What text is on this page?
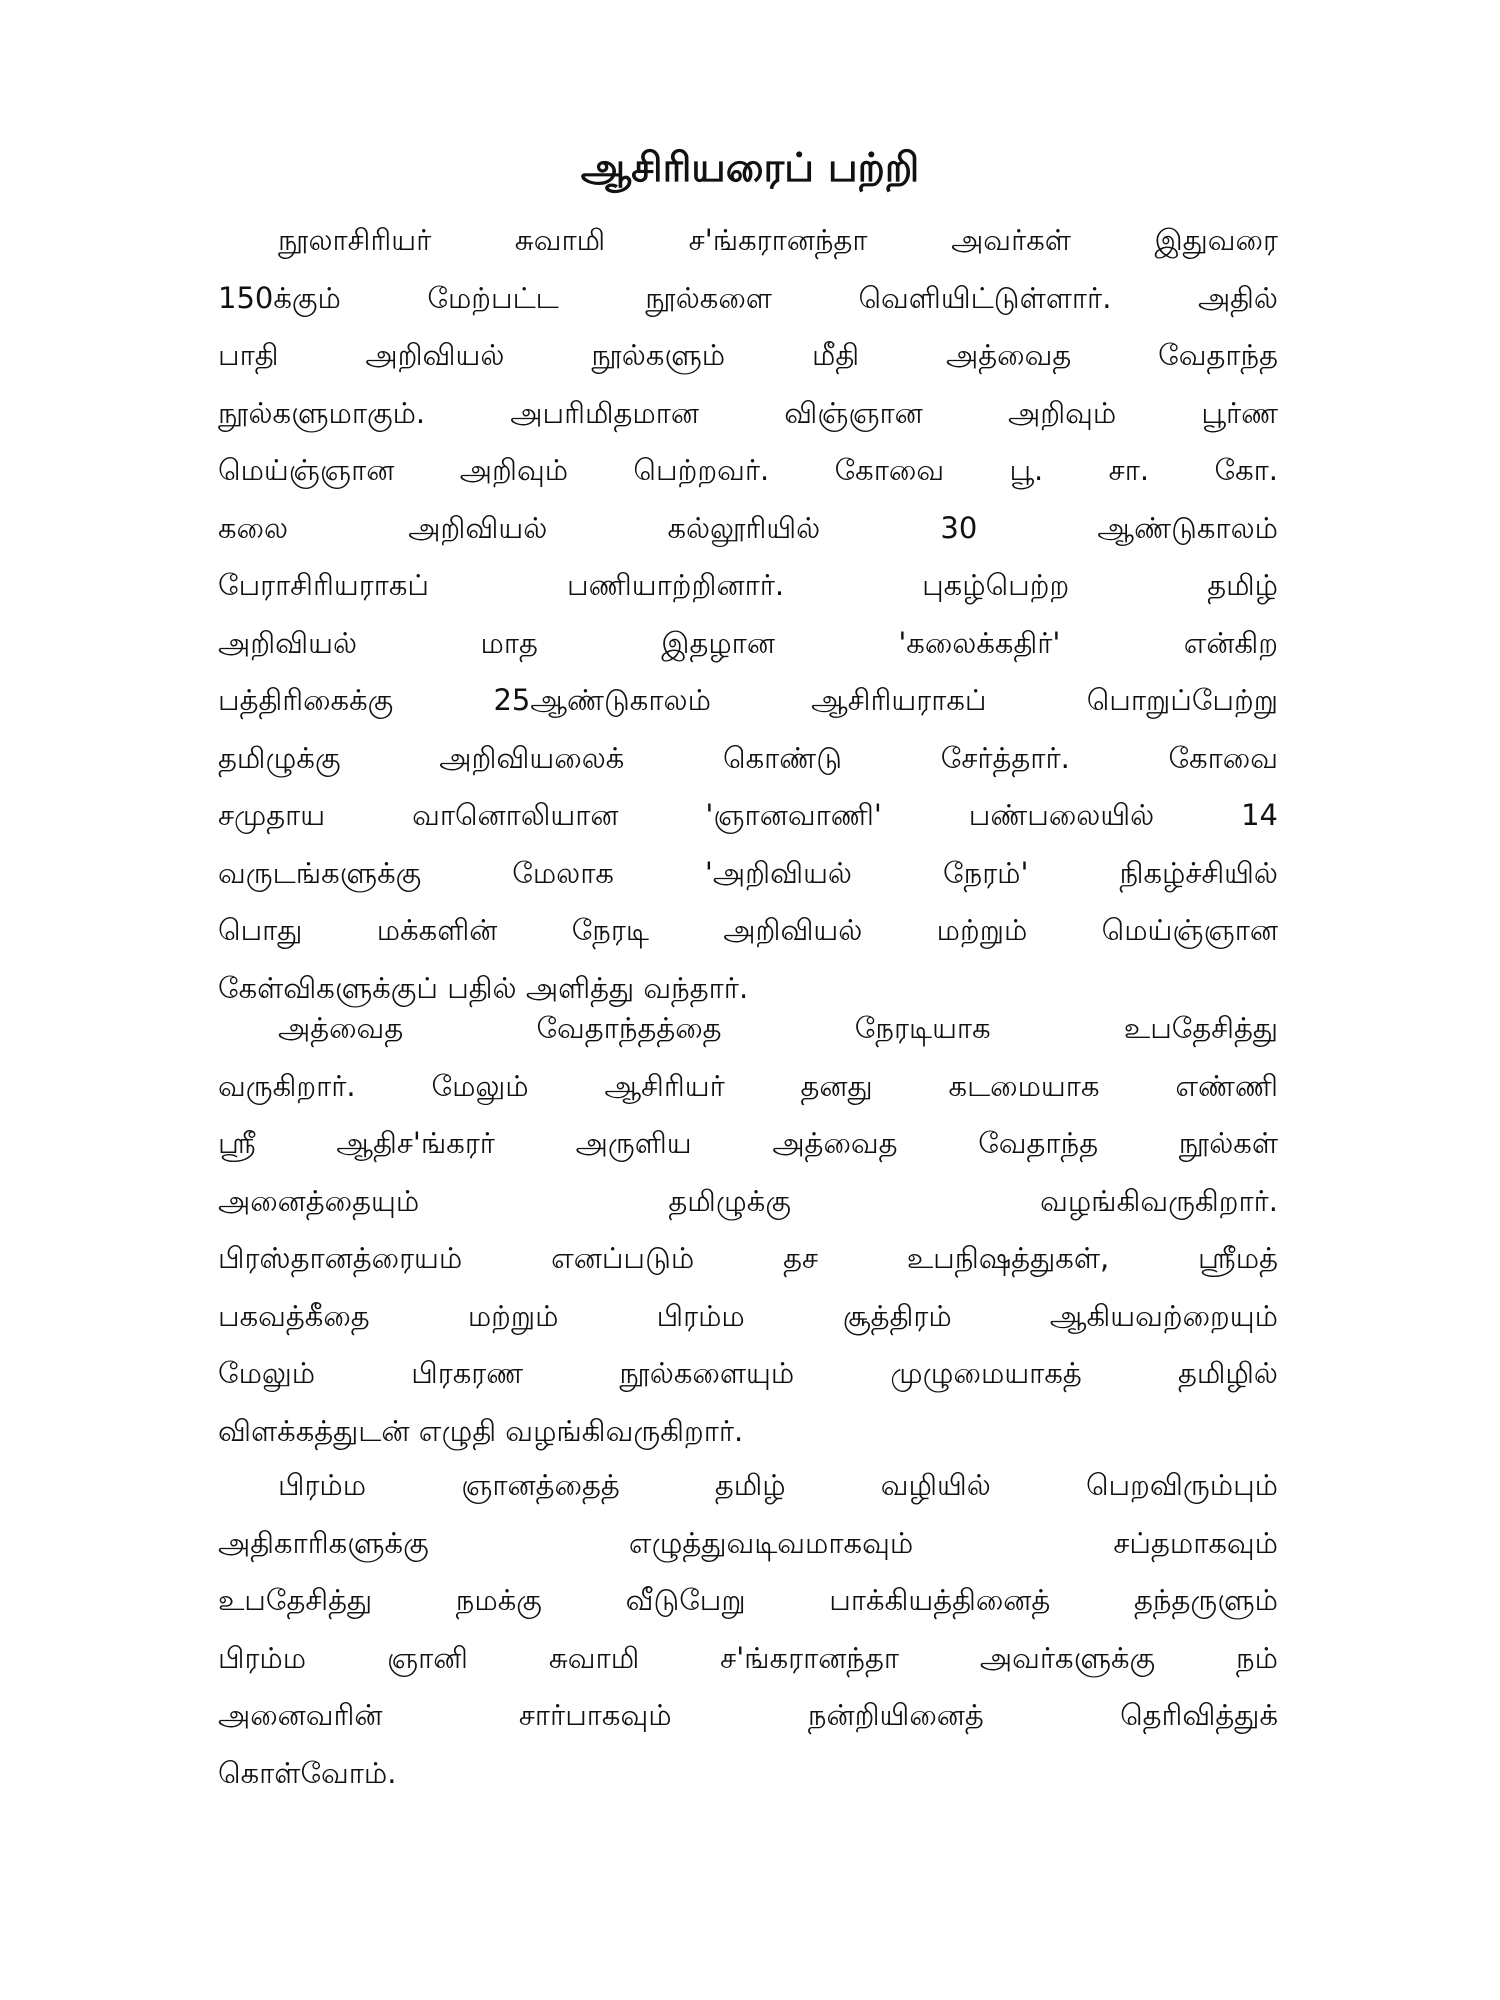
ஆசிரியரைப் பற்றி
நூலாசிரியர் சுவாமி ச'ங்கரானந்தா அவர்கள் இதுவரை
150க்கும் மேற்பட்ட நூல்களை வெளியிட்டுள்ளார். அதில்
பாதி அறிவியல் நூல்களும் மீதி அத்வைத வேதாந்த
நூல்களுமாகும். அபரிமிதமான விஞ்ஞான அறிவும் பூர்ண
மெய்ஞ்ஞான அறிவும் பெற்றவர். கோவை பூ. சா. கோ.
கலை அறிவியல் கல்லூரியில் 30 ஆண்டுகாலம்
பேராசிரியராகப் பணியாற்றினார். புகழ்பெற்ற தமிழ்
அறிவியல் மாத இதழான 'கலைக்கதிர்' என்கிற
பத்திரிகைக்கு 25ஆண்டுகாலம் ஆசிரியராகப் பொறுப்பேற்று
தமிழுக்கு அறிவியலைக் கொண்டு சேர்த்தார். கோவை
சமுதாய வானொலியான 'ஞானவாணி' பண்பலையில் 14
வருடங்களுக்கு மேலாக 'அறிவியல் நேரம்' நிகழ்ச்சியில்
பொது மக்களின் நேரடி அறிவியல் மற்றும் மெய்ஞ்ஞான
கேள்விகளுக்குப் பதில் அளித்து வந்தார்.
அத்வைத வேதாந்தத்தை நேரடியாக உபதேசித்து
வருகிறார். மேலும் ஆசிரியர் தனது கடமையாக எண்ணி
ஸ்ரீ ஆதிச'ங்கரர் அருளிய அத்வைத வேதாந்த நூல்கள்
அனைத்தையும் தமிழுக்கு வழங்கிவருகிறார்.
பிரஸ்தானத்ரையம் எனப்படும் தச உபநிஷத்துகள், ஸ்ரீமத்
பகவத்கீதை மற்றும் பிரம்ம சூத்திரம் ஆகியவற்றையும்
மேலும் பிரகரண நூல்களையும் முழுமையாகத் தமிழில்
விளக்கத்துடன் எழுதி வழங்கிவருகிறார்.
பிரம்ம ஞானத்தைத் தமிழ் வழியில் பெறவிரும்பும்
அதிகாரிகளுக்கு எழுத்துவடிவமாகவும் சப்தமாகவும்
உபதேசித்து நமக்கு வீடுபேறு பாக்கியத்தினைத் தந்தருளும்
பிரம்ம ஞானி சுவாமி ச'ங்கரானந்தா அவர்களுக்கு நம்
அனைவரின் சார்பாகவும் நன்றியினைத் தெரிவித்துக்
கொள்வோம்.
